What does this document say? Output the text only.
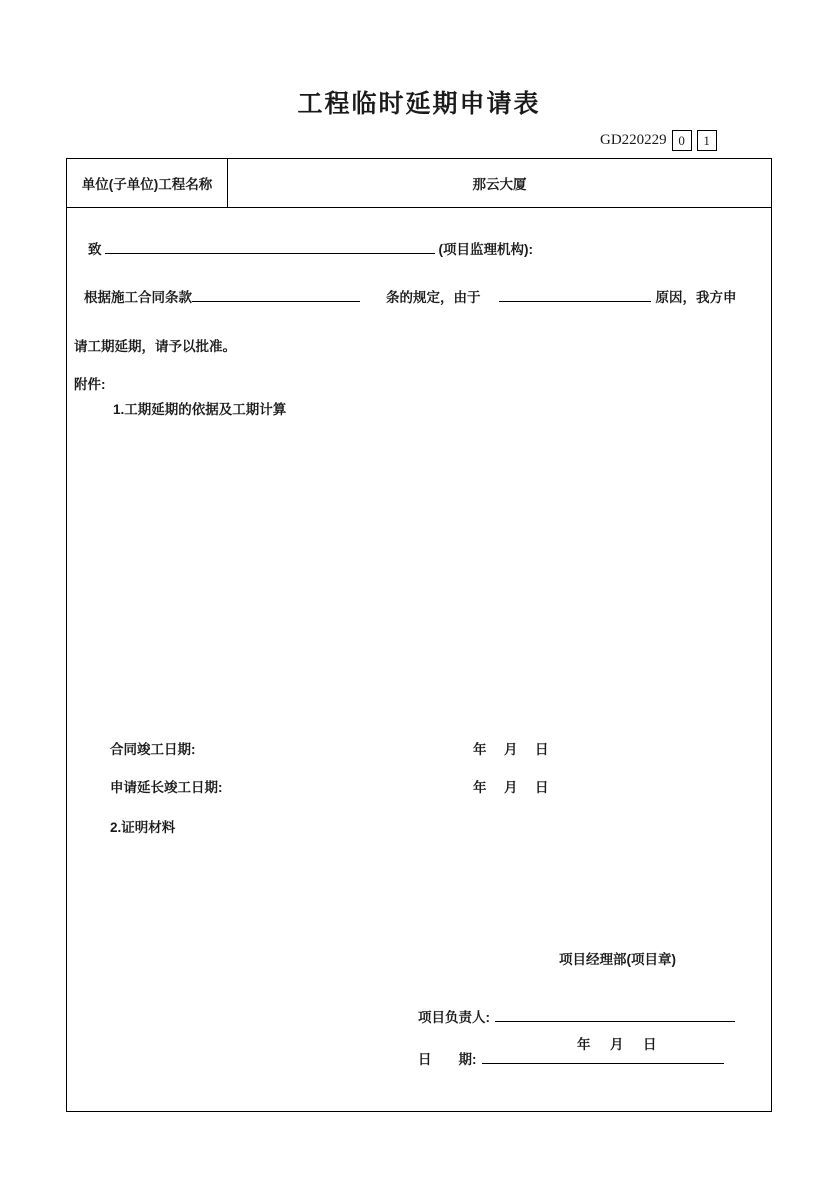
工程临时延期申请表
GD220229 0	1
单位(子单位)工程名称	那云大厦
致	(项目监理机构):
根据施工合同条款	条的规定，由于	原因，我方申
请工期延期，请予以批准。
附件:
1.工期延期的依据及工期计算
合同竣工日期:	年　月　日
申请延长竣工日期:	年　月　日
2.证明材料
项目经理部(项目章)
项目负责人:
年　月　日
日　　期:
